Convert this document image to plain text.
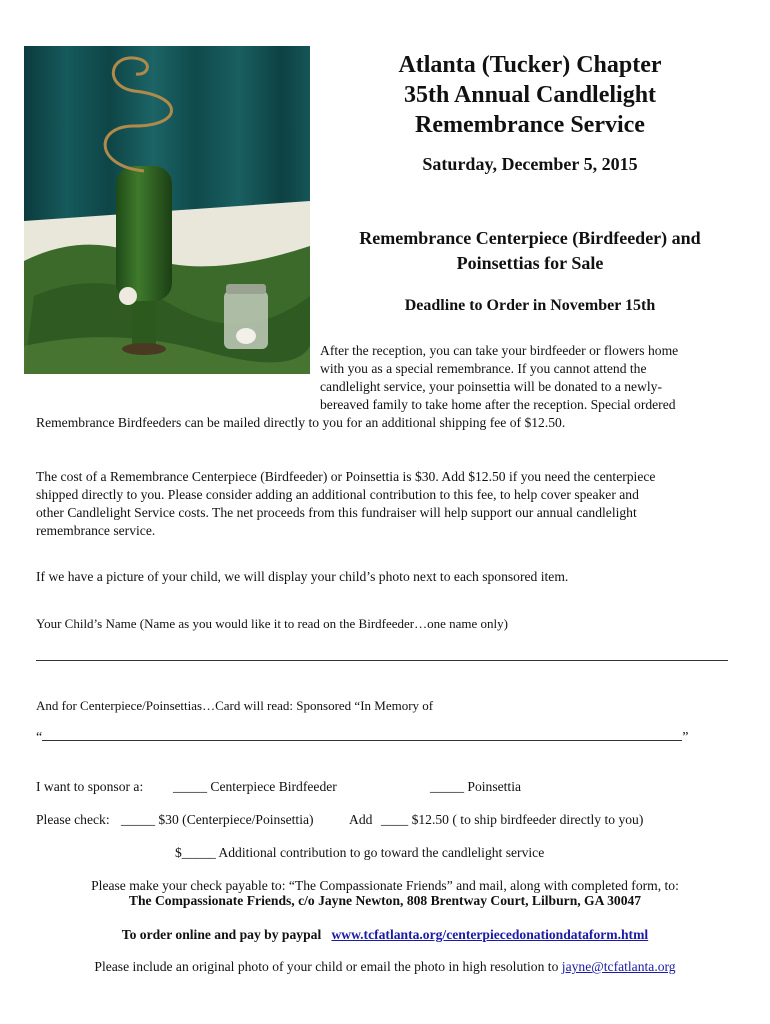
Atlanta (Tucker) Chapter
35th Annual Candlelight
Remembrance Service
Saturday, December 5, 2015
Remembrance Centerpiece (Birdfeeder) and
Poinsettias for Sale
Deadline to Order in November 15th
After the reception, you can take your birdfeeder or flowers home
with you as a special remembrance. If you cannot attend the
candlelight service, your poinsettia will be donated to a newly-
bereaved family to take home after the reception. Special ordered
Remembrance Birdfeeders can be mailed directly to you for an additional shipping fee of $12.50.
The cost of a Remembrance Centerpiece (Birdfeeder) or Poinsettia is $30. Add $12.50 if you need the centerpiece
shipped directly to you. Please consider adding an additional contribution to this fee, to help cover speaker and
other Candlelight Service costs. The net proceeds from this fundraiser will help support our annual candlelight
remembrance service.
If we have a picture of your child, we will display your child’s photo next to each sponsored item.
Your Child’s Name (Name as you would like it to read on the Birdfeeder…one name only)
And for Centerpiece/Poinsettias…Card will read: Sponsored “In Memory of
“	”
I want to sponsor a: _____ Centerpiece Birdfeeder	_____ Poinsettia
Please check: _____ $30 (Centerpiece/Poinsettia)	Add ____ $12.50 ( to ship birdfeeder directly to you)
$_____ Additional contribution to go toward the candlelight service
Please make your check payable to: “The Compassionate Friends” and mail, along with completed form, to:
The Compassionate Friends, c/o Jayne Newton, 808 Brentway Court, Lilburn, GA 30047
To order online and pay by paypal www.tcfatlanta.org/centerpiecedonationdataform.html
Please include an original photo of your child or email the photo in high resolution to jayne@tcfatlanta.org
